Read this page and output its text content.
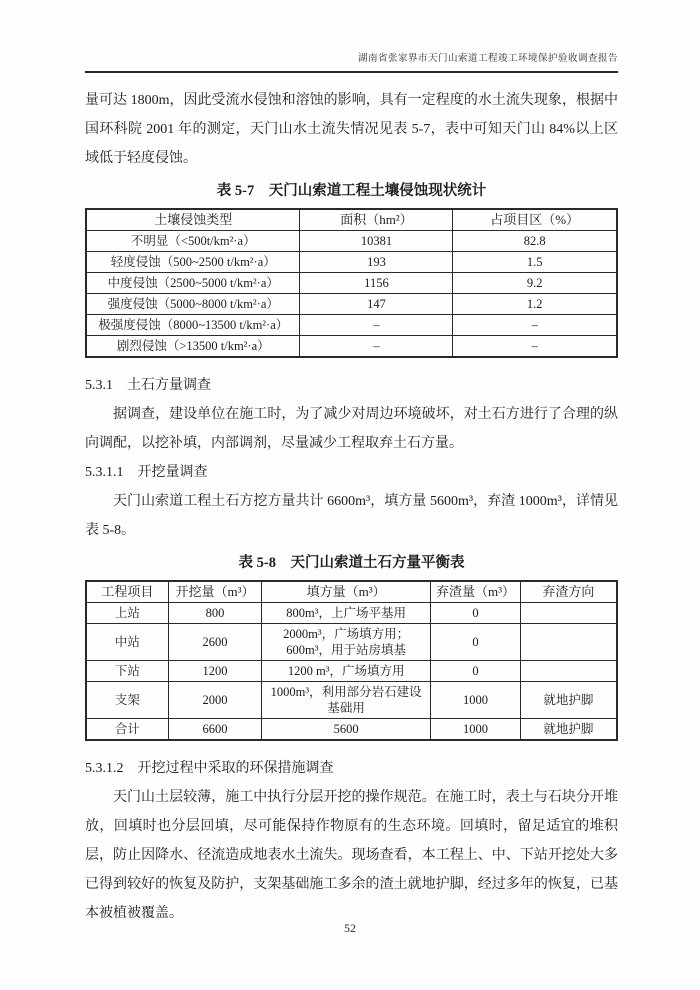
湖南省张家界市天门山索道工程竣工环境保护验收调查报告

量可达 1800m，因此受流水侵蚀和溶蚀的影响，具有一定程度的水土流失现象，根据中国环科院 2001 年的测定，天门山水土流失情况见表 5-7，表中可知天门山 84%以上区域低于轻度侵蚀。

表 5-7　天门山索道工程土壤侵蚀现状统计
土壤侵蚀类型	面积（hm²）	占项目区（%）
不明显（<500t/km²·a）	10381	82.8
轻度侵蚀（500~2500 t/km²·a）	193	1.5
中度侵蚀（2500~5000 t/km²·a）	1156	9.2
强度侵蚀（5000~8000 t/km²·a）	147	1.2
极强度侵蚀（8000~13500 t/km²·a）	–	–
剧烈侵蚀（>13500 t/km²·a）	–	–
5.3.1 土石方量调查

据调查，建设单位在施工时，为了减少对周边环境破坏，对土石方进行了合理的纵向调配，以挖补填，内部调剂，尽量减少工程取弃土石方量。

5.3.1.1 开挖量调查

天门山索道工程土石方挖方量共计 6600m³，填方量 5600m³，弃渣 1000m³，详情见表 5-8。

表 5-8　天门山索道土石方量平衡表
工程项目	开挖量（m³）	填方量（m³）	弃渣量（m³）	弃渣方向
上站	800	800m³，上广场平基用	0	
中站	2600	2000m³，广场填方用；600m³，用于站房填基	0	
下站	1200	1200 m³，广场填方用	0	
支架	2000	1000m³，利用部分岩石建设基础用	1000	就地护脚
合计	6600	5600	1000	就地护脚
5.3.1.2 开挖过程中采取的环保措施调查

天门山土层较薄，施工中执行分层开挖的操作规范。在施工时，表土与石块分开堆放，回填时也分层回填，尽可能保持作物原有的生态环境。回填时，留足适宜的堆积层，防止因降水、径流造成地表水土流失。现场查看，本工程上、中、下站开挖处大多已得到较好的恢复及防护，支架基础施工多余的渣土就地护脚，经过多年的恢复，已基本被植被覆盖。

52
